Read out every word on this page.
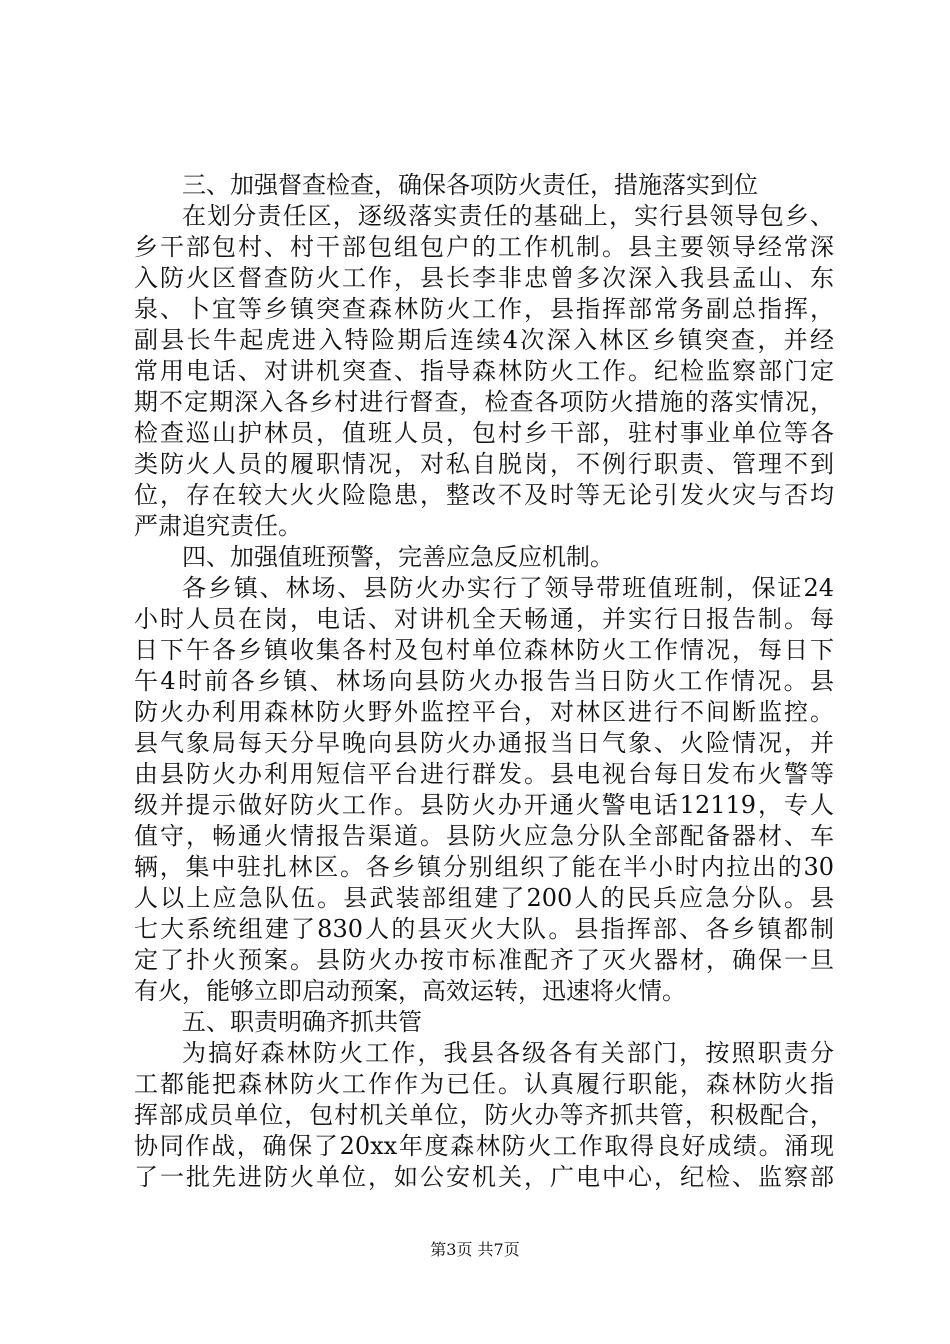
三、加强督查检查，确保各项防火责任，措施落实到位
在划分责任区，逐级落实责任的基础上，实行县领导包乡、
乡干部包村、村干部包组包户的工作机制。县主要领导经常深
入防火区督查防火工作，县长李非忠曾多次深入我县孟山、东
泉、卜宜等乡镇突查森林防火工作，县指挥部常务副总指挥，
副县长牛起虎进入特险期后连续4次深入林区乡镇突查，并经
常用电话、对讲机突查、指导森林防火工作。纪检监察部门定
期不定期深入各乡村进行督查，检查各项防火措施的落实情况，
检查巡山护林员，值班人员，包村乡干部，驻村事业单位等各
类防火人员的履职情况，对私自脱岗，不例行职责、管理不到
位，存在较大火火险隐患，整改不及时等无论引发火灾与否均
严肃追究责任。
四、加强值班预警，完善应急反应机制。
各乡镇、林场、县防火办实行了领导带班值班制，保证24
小时人员在岗，电话、对讲机全天畅通，并实行日报告制。每
日下午各乡镇收集各村及包村单位森林防火工作情况，每日下
午4时前各乡镇、林场向县防火办报告当日防火工作情况。县
防火办利用森林防火野外监控平台，对林区进行不间断监控。
县气象局每天分早晚向县防火办通报当日气象、火险情况，并
由县防火办利用短信平台进行群发。县电视台每日发布火警等
级并提示做好防火工作。县防火办开通火警电话12119，专人
值守，畅通火情报告渠道。县防火应急分队全部配备器材、车
辆，集中驻扎林区。各乡镇分别组织了能在半小时内拉出的30
人以上应急队伍。县武装部组建了200人的民兵应急分队。县
七大系统组建了830人的县灭火大队。县指挥部、各乡镇都制
定了扑火预案。县防火办按市标准配齐了灭火器材，确保一旦
有火，能够立即启动预案，高效运转，迅速将火情。
五、职责明确齐抓共管
为搞好森林防火工作，我县各级各有关部门，按照职责分
工都能把森林防火工作作为已任。认真履行职能，森林防火指
挥部成员单位，包村机关单位，防火办等齐抓共管，积极配合，
协同作战，确保了20xx年度森林防火工作取得良好成绩。涌现
了一批先进防火单位，如公安机关，广电中心，纪检、监察部
第3页 共7页
